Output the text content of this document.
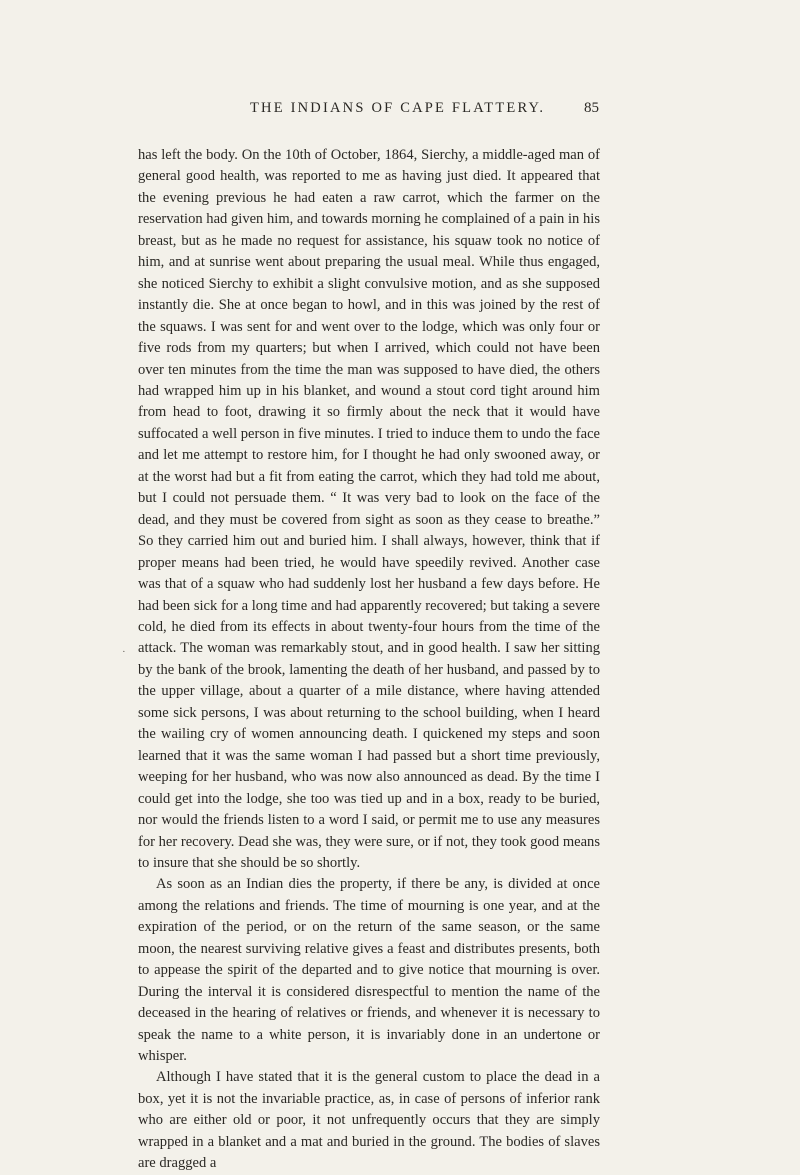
THE INDIANS OF CAPE FLATTERY.	85
·

has left the body. On the 10th of October, 1864, Sierchy, a middle-aged man of general good health, was reported to me as having just died. It appeared that the evening previous he had eaten a raw carrot, which the farmer on the reservation had given him, and towards morning he complained of a pain in his breast, but as he made no request for assistance, his squaw took no notice of him, and at sunrise went about preparing the usual meal. While thus engaged, she noticed Sierchy to exhibit a slight convulsive motion, and as she supposed instantly die. She at once began to howl, and in this was joined by the rest of the squaws. I was sent for and went over to the lodge, which was only four or five rods from my quarters; but when I arrived, which could not have been over ten minutes from the time the man was supposed to have died, the others had wrapped him up in his blanket, and wound a stout cord tight around him from head to foot, drawing it so firmly about the neck that it would have suffocated a well person in five minutes. I tried to induce them to undo the face and let me attempt to restore him, for I thought he had only swooned away, or at the worst had but a fit from eating the carrot, which they had told me about, but I could not persuade them. “ It was very bad to look on the face of the dead, and they must be covered from sight as soon as they cease to breathe.” So they carried him out and buried him. I shall always, however, think that if proper means had been tried, he would have speedily revived. Another case was that of a squaw who had suddenly lost her husband a few days before. He had been sick for a long time and had apparently recovered; but taking a severe cold, he died from its effects in about twenty-four hours from the time of the attack. The woman was remarkably stout, and in good health. I saw her sitting by the bank of the brook, lamenting the death of her husband, and passed by to the upper village, about a quarter of a mile distance, where having attended some sick persons, I was about returning to the school building, when I heard the wailing cry of women announcing death. I quickened my steps and soon learned that it was the same woman I had passed but a short time previously, weeping for her husband, who was now also announced as dead. By the time I could get into the lodge, she too was tied up and in a box, ready to be buried, nor would the friends listen to a word I said, or permit me to use any measures for her recovery. Dead she was, they were sure, or if not, they took good means to insure that she should be so shortly.

As soon as an Indian dies the property, if there be any, is divided at once among the relations and friends. The time of mourning is one year, and at the expiration of the period, or on the return of the same season, or the same moon, the nearest surviving relative gives a feast and distributes presents, both to appease the spirit of the departed and to give notice that mourning is over. During the interval it is considered disrespectful to mention the name of the deceased in the hearing of relatives or friends, and whenever it is necessary to speak the name to a white person, it is invariably done in an undertone or whisper.

Although I have stated that it is the general custom to place the dead in a box, yet it is not the invariable practice, as, in case of persons of inferior rank who are either old or poor, it not unfrequently occurs that they are simply wrapped in a blanket and a mat and buried in the ground. The bodies of slaves are dragged a
